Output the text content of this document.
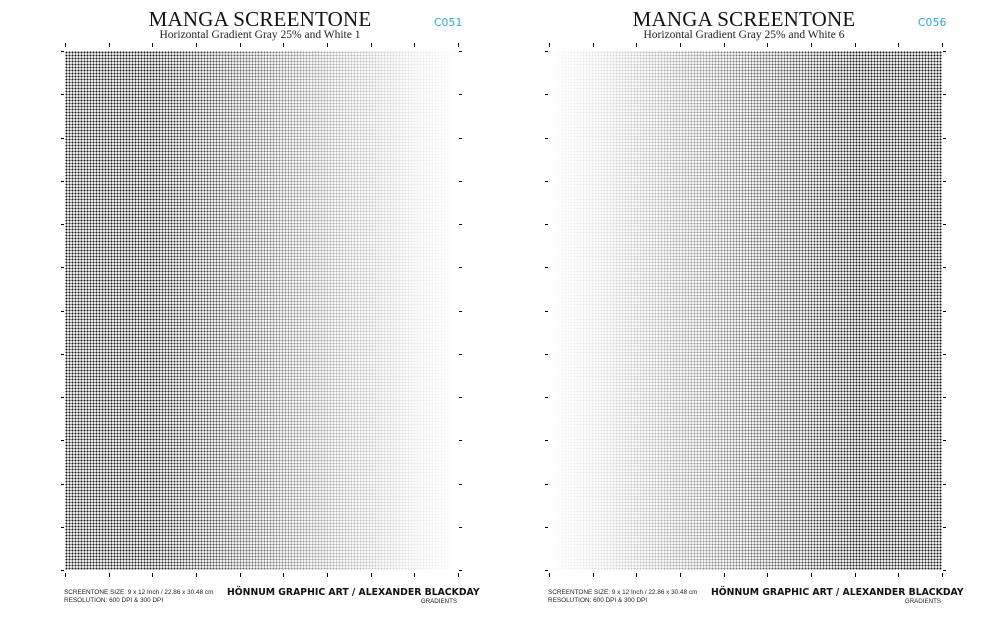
MANGA SCREENTONE
Horizontal Gradient Gray 25% and White 1
C051
SCREENTONE SIZE: 9 x 12 Inch / 22.86 x 30.48 cm
RESOLUTION: 600 DPI & 300 DPI
HÖNNUM GRAPHIC ART / ALEXANDER BLACKDAY
GRADIENTS
MANGA SCREENTONE
Horizontal Gradient Gray 25% and White 6
C056
SCREENTONE SIZE: 9 x 12 Inch / 22.86 x 30.48 cm
RESOLUTION: 600 DPI & 300 DPI
HÖNNUM GRAPHIC ART / ALEXANDER BLACKDAY
GRADIENTS
